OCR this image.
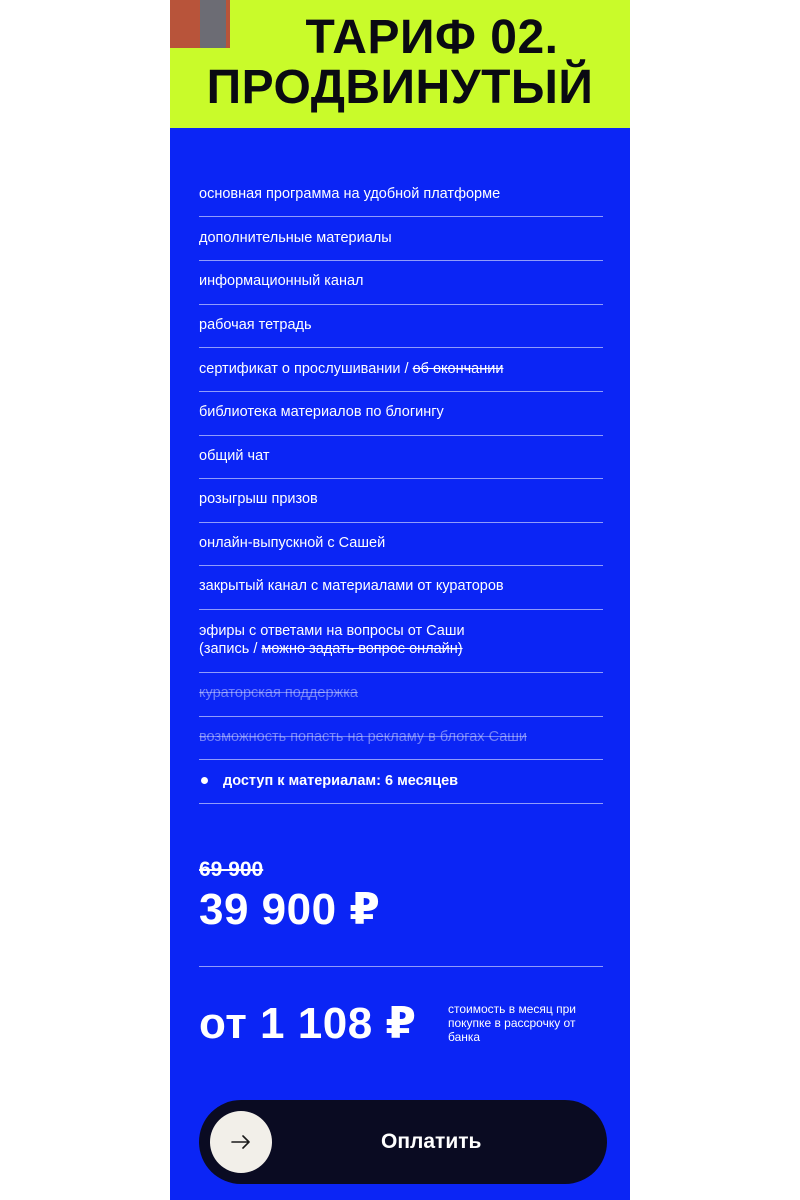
ТАРИФ 02.
ПРОДВИНУТЫЙ
основная программа на удобной платформе
дополнительные материалы
информационный канал
рабочая тетрадь
сертификат о прослушивании / об окончании
библиотека материалов по блогингу
общий чат
розыгрыш призов
онлайн-выпускной с Сашей
закрытый канал с материалами от кураторов
эфиры с ответами на вопросы от Саши
(запись / можно задать вопрос онлайн)
кураторская поддержка
возможность попасть на рекламу в блогах Саши
доступ к материалам: 6 месяцев
69 900
39 900 ₽
от 1 108 ₽	стоимость в месяц при покупке в рассрочку от банка
Оплатить
